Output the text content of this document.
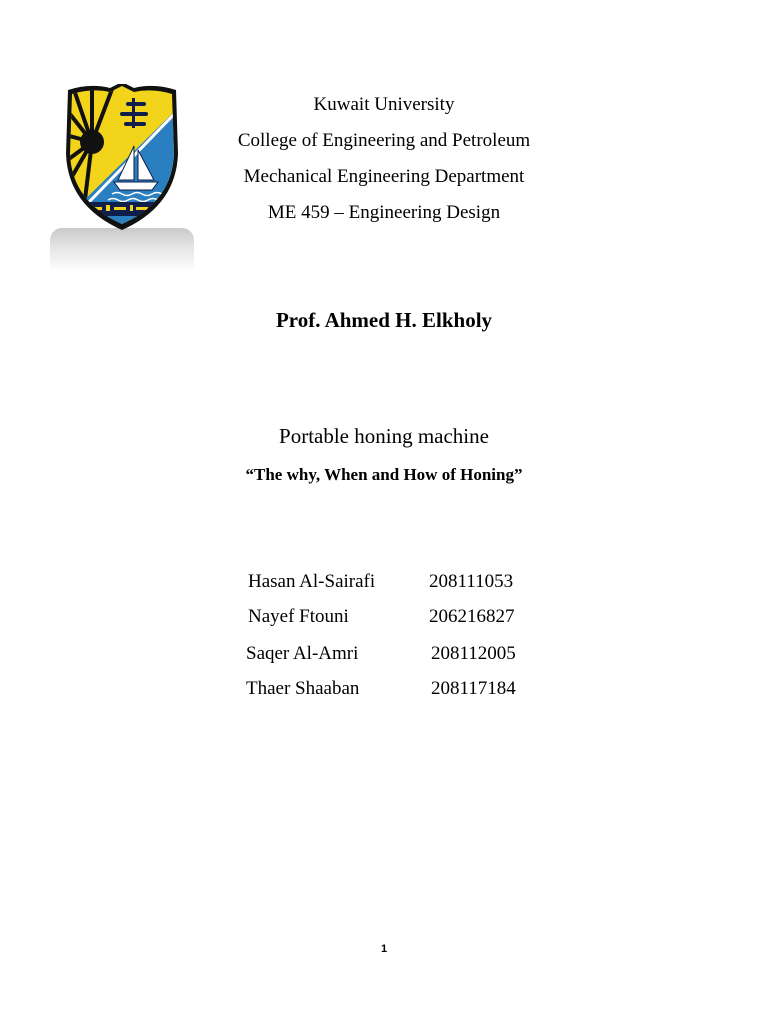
Kuwait University
College of Engineering and Petroleum
Mechanical Engineering Department
ME 459 – Engineering Design
Prof. Ahmed H. Elkholy
Portable honing machine
“The why, When and How of Honing”
Hasan Al-Sairafi	208111053
Nayef Ftouni	206216827
Saqer Al-Amri	208112005
Thaer Shaaban	208117184
1
